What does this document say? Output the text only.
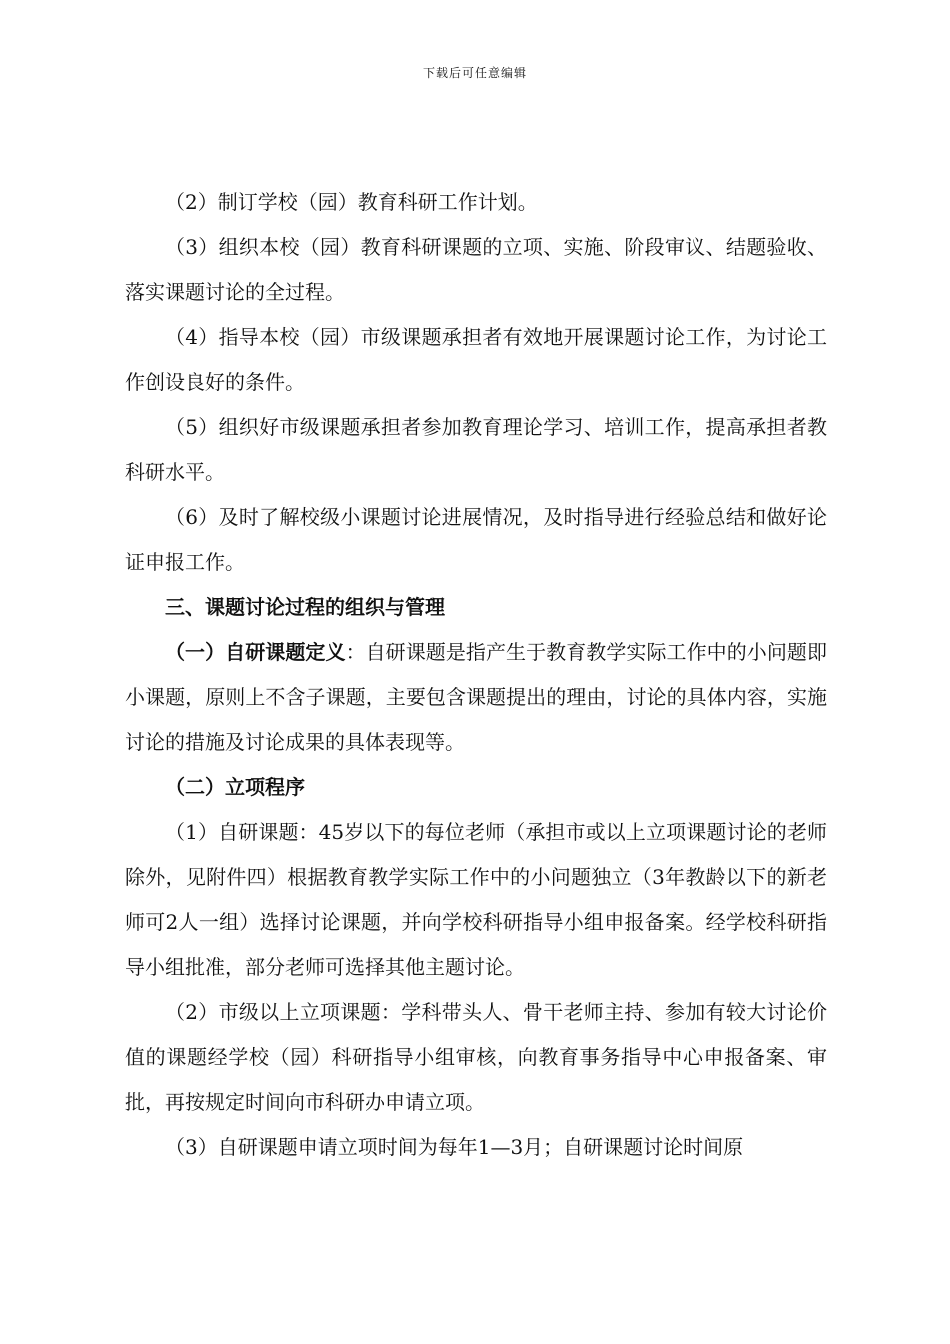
下载后可任意编辑

（2）制订学校（园）教育科研工作计划。

（3）组织本校（园）教育科研课题的立项、实施、阶段审议、结题验收、落实课题讨论的全过程。

（4）指导本校（园）市级课题承担者有效地开展课题讨论工作，为讨论工作创设良好的条件。

（5）组织好市级课题承担者参加教育理论学习、培训工作，提高承担者教科研水平。

（6）及时了解校级小课题讨论进展情况，及时指导进行经验总结和做好论证申报工作。

三、课题讨论过程的组织与管理

（一）自研课题定义：自研课题是指产生于教育教学实际工作中的小问题即小课题，原则上不含子课题，主要包含课题提出的理由，讨论的具体内容，实施讨论的措施及讨论成果的具体表现等。

（二）立项程序

（1）自研课题：45岁以下的每位老师（承担市或以上立项课题讨论的老师除外，见附件四）根据教育教学实际工作中的小问题独立（3年教龄以下的新老师可2人一组）选择讨论课题，并向学校科研指导小组申报备案。经学校科研指导小组批准，部分老师可选择其他主题讨论。

（2）市级以上立项课题：学科带头人、骨干老师主持、参加有较大讨论价值的课题经学校（园）科研指导小组审核，向教育事务指导中心申报备案、审批，再按规定时间向市科研办申请立项。

（3）自研课题申请立项时间为每年1—3月；自研课题讨论时间原
